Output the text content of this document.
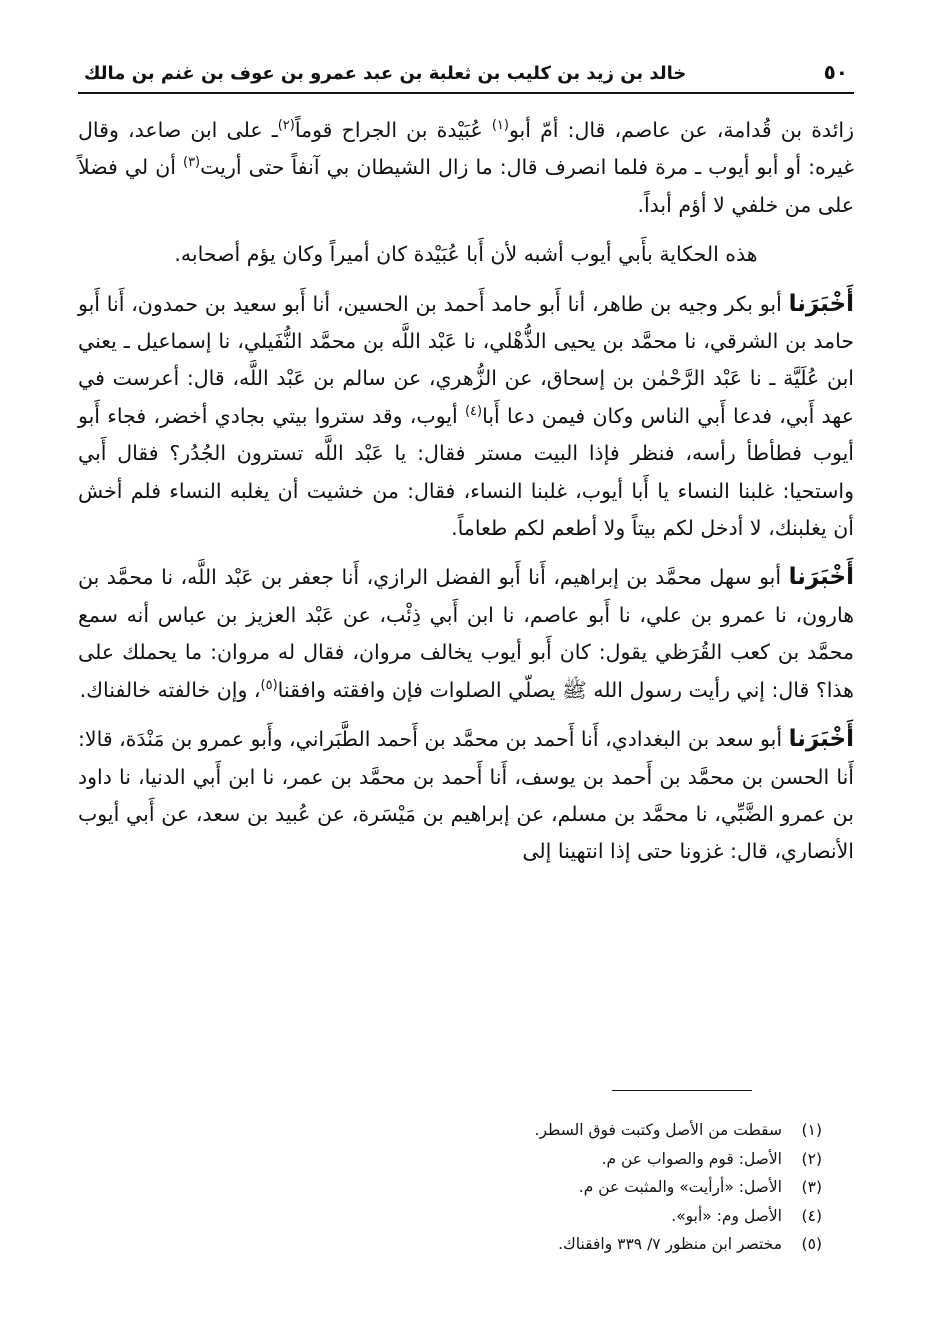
٥٠
خالد بن زيد بن كليب بن ثعلبة بن عبد عمرو بن عوف بن غنم بن مالك

زائدة بن قُدامة، عن عاصم، قال: أمّ أبو$^{(١)}$ عُبَيْدة بن الجراح قوماً$^{(٢)}$ـ على ابن صاعد، وقال غيره: أو أبو أيوب ـ مرة فلما انصرف قال: ما زال الشيطان بي آنفاً حتى أريت$^{(٣)}$ أن لي فضلاً على من خلفي لا أؤم أبداً.

هذه الحكاية بأَبي أيوب أشبه لأن أَبا عُبَيْدة كان أميراً وكان يؤم أصحابه.

أَخْبَرَنا أبو بكر وجيه بن طاهر، أنا أَبو حامد أَحمد بن الحسين، أنا أَبو سعيد بن حمدون، أَنا أَبو حامد بن الشرقي، نا محمَّد بن يحيى الذُّهْلي، نا عَبْد اللَّه بن محمَّد النُّفَيلي، نا إسماعيل ـ يعني ابن عُلَيَّة ـ نا عَبْد الرَّحْمٰن بن إسحاق، عن الزُّهري، عن سالم بن عَبْد اللَّه، قال: أعرست في عهد أَبي، فدعا أَبي الناس وكان فيمن دعا أَبا$^{(٤)}$ أيوب، وقد ستروا بيتي بجادي أخضر، فجاء أَبو أيوب فطأطأ رأسه، فنظر فإذا البيت مستر فقال: يا عَبْد اللَّه تسترون الجُدُر؟ فقال أَبي واستحيا: غلبنا النساء يا أَبا أيوب، غلبنا النساء، فقال: من خشيت أن يغلبه النساء فلم أخش أن يغلبنك، لا أدخل لكم بيتاً ولا أطعم لكم طعاماً.

أَخْبَرَنا أبو سهل محمَّد بن إبراهيم، أَنا أَبو الفضل الرازي، أَنا جعفر بن عَبْد اللَّه، نا محمَّد بن هارون، نا عمرو بن علي، نا أَبو عاصم، نا ابن أَبي ذِئْب، عن عَبْد العزيز بن عباس أنه سمع محمَّد بن كعب القُرَظي يقول: كان أَبو أيوب يخالف مروان، فقال له مروان: ما يحملك على هذا؟ قال: إني رأيت رسول الله ﷺ يصلّي الصلوات فإن وافقته وافقنا$^{(٥)}$، وإن خالفته خالفناك.

أَخْبَرَنا أبو سعد بن البغدادي، أَنا أَحمد بن محمَّد بن أَحمد الطَّبَراني، وأَبو عمرو بن مَنْدَة، قالا: أَنا الحسن بن محمَّد بن أَحمد بن يوسف، أَنا أَحمد بن محمَّد بن عمر، نا ابن أَبي الدنيا، نا داود بن عمرو الضَّبِّي، نا محمَّد بن مسلم، عن إبراهيم بن مَيْسَرة، عن عُبيد بن سعد، عن أَبي أيوب الأنصاري، قال: غزونا حتى إذا انتهينا إلى

(١)
سقطت من الأصل وكتبت فوق السطر.
(٢)
الأصل: قوم والصواب عن م.
(٣)
الأصل: «أرأيت» والمثبت عن م.
(٤)
الأصل وم: «أبو».
(٥)
مختصر ابن منظور ٧/ ٣٣٩ وافقناك.
